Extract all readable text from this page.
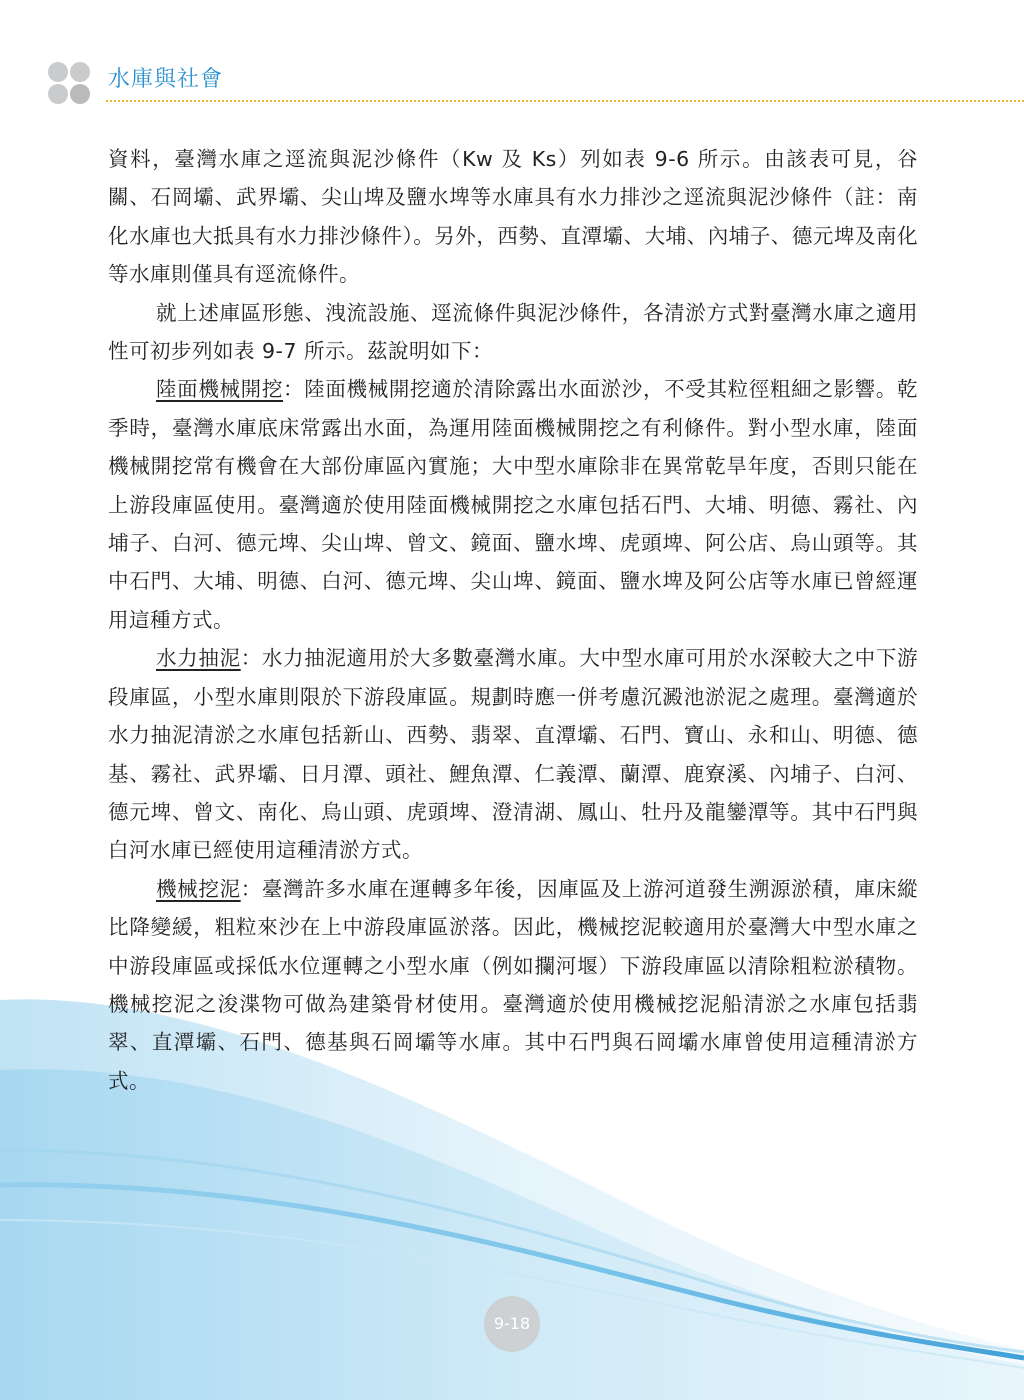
水庫與社會

資料，臺灣水庫之逕流與泥沙條件（Kw 及 Ks）列如表 9-6 所示。由該表可見，谷關、石岡壩、武界壩、尖山埤及鹽水埤等水庫具有水力排沙之逕流與泥沙條件（註：南化水庫也大抵具有水力排沙條件）。另外，西勢、直潭壩、大埔、內埔子、德元埤及南化等水庫則僅具有逕流條件。

就上述庫區形態、洩流設施、逕流條件與泥沙條件，各清淤方式對臺灣水庫之適用性可初步列如表 9-7 所示。茲說明如下：

陸面機械開挖：陸面機械開挖適於清除露出水面淤沙，不受其粒徑粗細之影響。乾季時，臺灣水庫底床常露出水面，為運用陸面機械開挖之有利條件。對小型水庫，陸面機械開挖常有機會在大部份庫區內實施；大中型水庫除非在異常乾旱年度，否則只能在上游段庫區使用。臺灣適於使用陸面機械開挖之水庫包括石門、大埔、明德、霧社、內埔子、白河、德元埤、尖山埤、曾文、鏡面、鹽水埤、虎頭埤、阿公店、烏山頭等。其中石門、大埔、明德、白河、德元埤、尖山埤、鏡面、鹽水埤及阿公店等水庫已曾經運用這種方式。

水力抽泥：水力抽泥適用於大多數臺灣水庫。大中型水庫可用於水深較大之中下游段庫區，小型水庫則限於下游段庫區。規劃時應一併考慮沉澱池淤泥之處理。臺灣適於水力抽泥清淤之水庫包括新山、西勢、翡翠、直潭壩、石門、寶山、永和山、明德、德基、霧社、武界壩、日月潭、頭社、鯉魚潭、仁義潭、蘭潭、鹿寮溪、內埔子、白河、德元埤、曾文、南化、烏山頭、虎頭埤、澄清湖、鳳山、牡丹及龍鑾潭等。其中石門與白河水庫已經使用這種清淤方式。

機械挖泥：臺灣許多水庫在運轉多年後，因庫區及上游河道發生溯源淤積，庫床縱比降變緩，粗粒來沙在上中游段庫區淤落。因此，機械挖泥較適用於臺灣大中型水庫之中游段庫區或採低水位運轉之小型水庫（例如攔河堰）下游段庫區以清除粗粒淤積物。機械挖泥之浚渫物可做為建築骨材使用。臺灣適於使用機械挖泥船清淤之水庫包括翡翠、直潭壩、石門、德基與石岡壩等水庫。其中石門與石岡壩水庫曾使用這種清淤方式。

9-18
